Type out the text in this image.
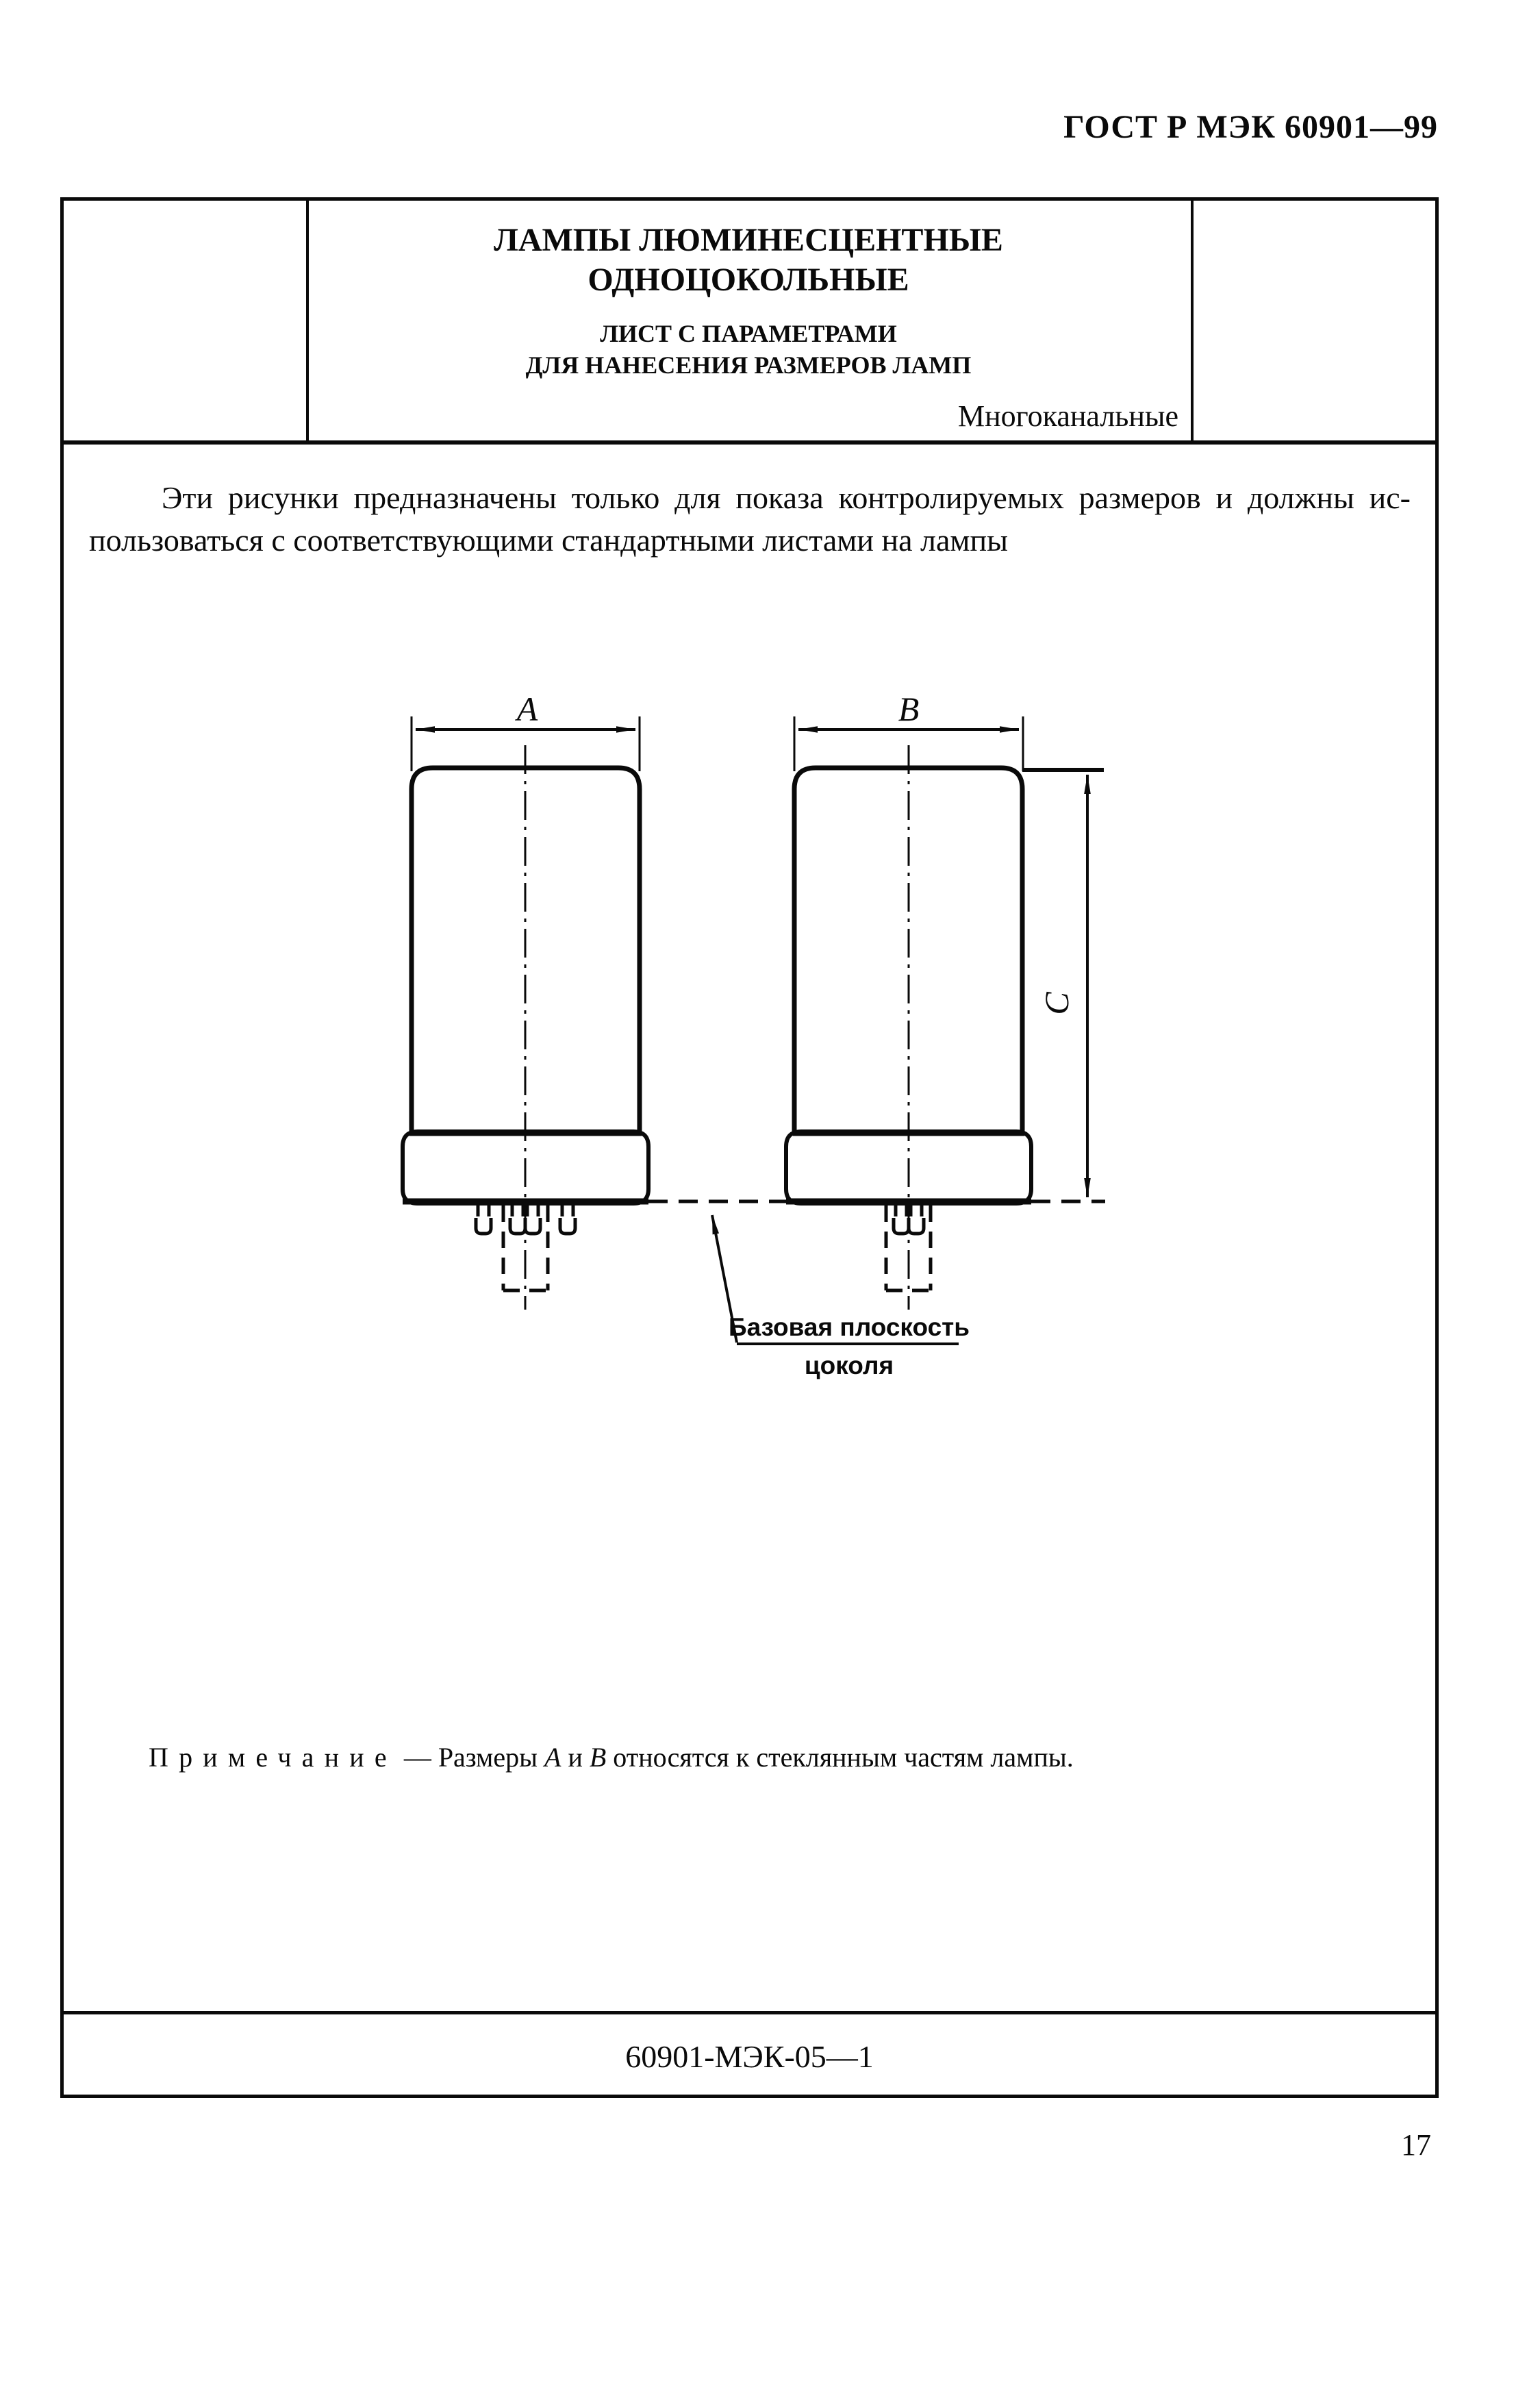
ГОСТ Р МЭК 60901—99
ЛАМПЫ ЛЮМИНЕСЦЕНТНЫЕ
ОДНОЦОКОЛЬНЫЕ
ЛИСТ С ПАРАМЕТРАМИ
ДЛЯ НАНЕСЕНИЯ РАЗМЕРОВ ЛАМП
Многоканальные
Эти рисунки предназначены только для показа контролируемых размеров и должны ис-
пользоваться с соответствующими стандартными листами на лампы
A	B
C
Базовая плоскость
цоколя
Примечание — Размеры А и В относятся к стеклянным частям лампы.
60901-МЭК-05—1
17
